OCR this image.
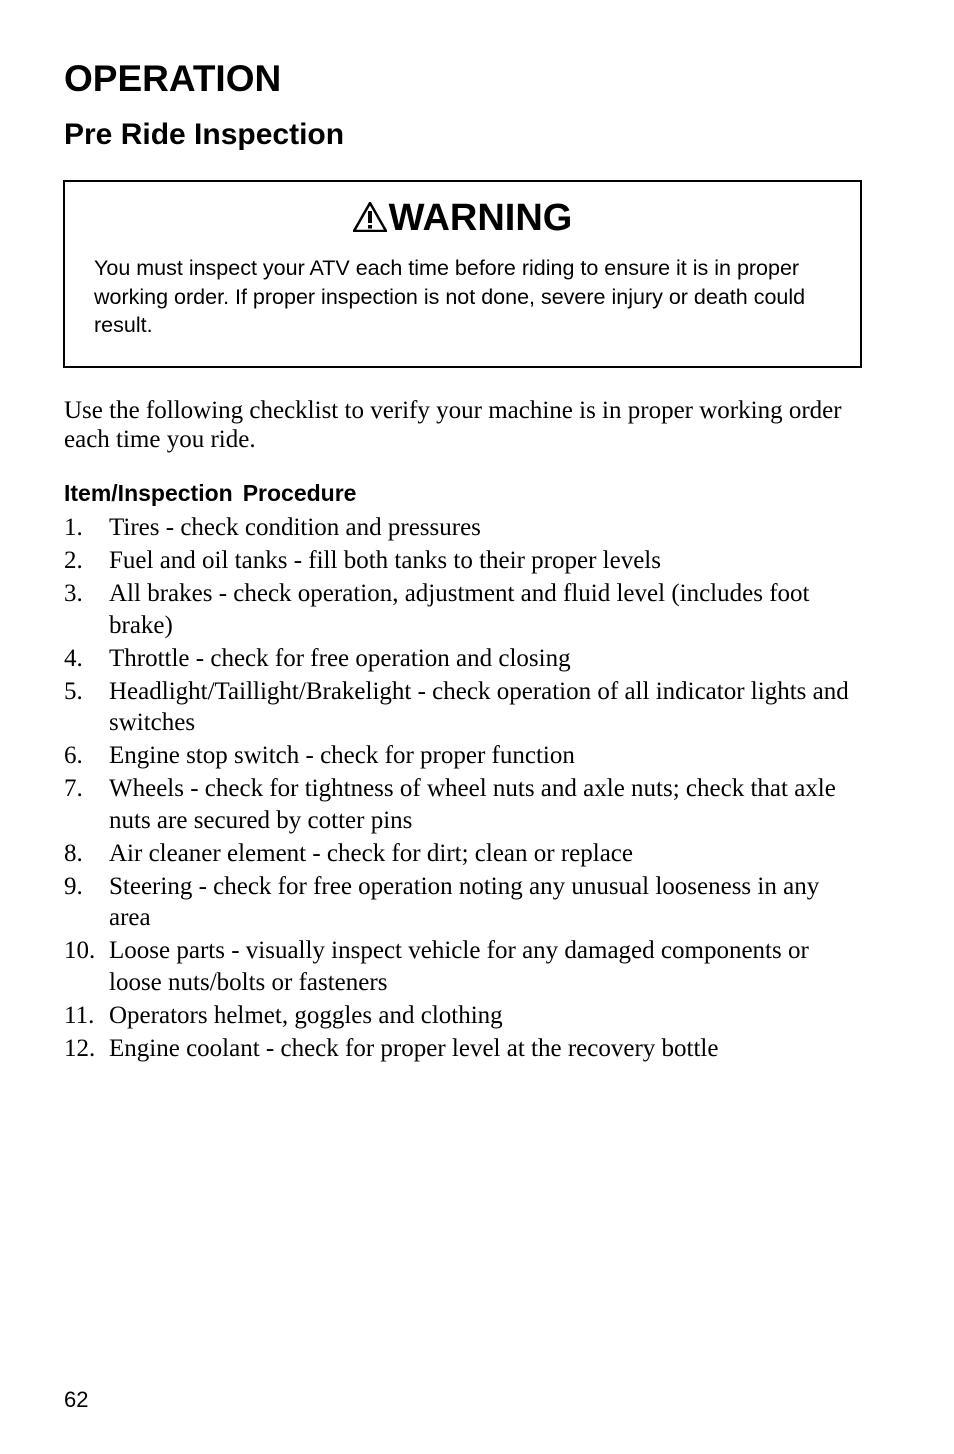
OPERATION
Pre Ride Inspection
WARNING

You must inspect your ATV each time before riding to ensure it is in proper working order. If proper inspection is not done, severe injury or death could result.

Use the following checklist to verify your machine is in proper working order each time you ride.

Item/Inspection Procedure
1.	Tires - check condition and pressures
2.	Fuel and oil tanks - fill both tanks to their proper levels
3.	All brakes - check operation, adjustment and fluid level (includes foot brake)
4.	Throttle - check for free operation and closing
5.	Headlight/Taillight/Brakelight - check operation of all indicator lights and switches
6.	Engine stop switch - check for proper function
7.	Wheels - check for tightness of wheel nuts and axle nuts; check that axle nuts are secured by cotter pins
8.	Air cleaner element - check for dirt; clean or replace
9.	Steering - check for free operation noting any unusual looseness in any area
10. Loose parts - visually inspect vehicle for any damaged components or loose nuts/bolts or fasteners
11. Operators helmet, goggles and clothing
12. Engine coolant - check for proper level at the recovery bottle
62
